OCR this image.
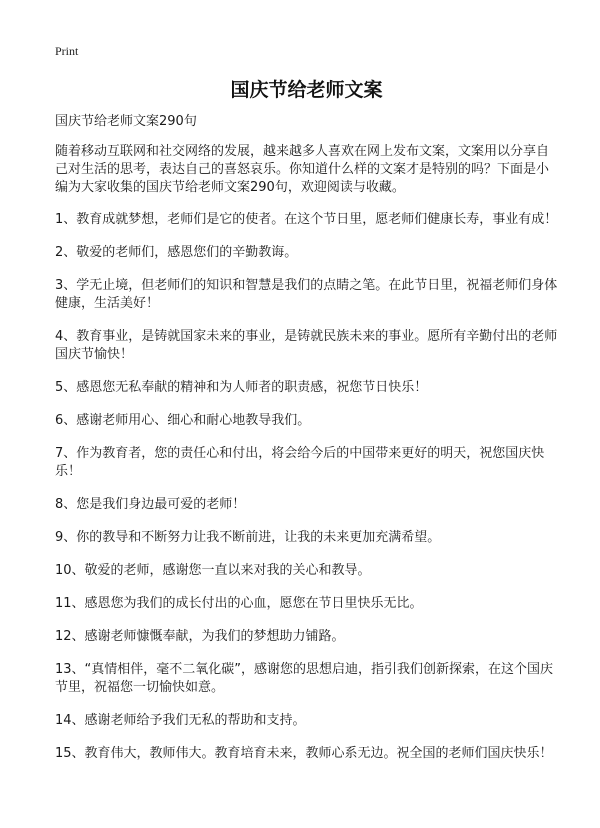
Print
国庆节给老师文案
国庆节给老师文案290句
随着移动互联网和社交网络的发展，越来越多人喜欢在网上发布文案，文案用以分享自己对生活的思考，表达自己的喜怒哀乐。你知道什么样的文案才是特别的吗？下面是小编为大家收集的国庆节给老师文案290句，欢迎阅读与收藏。
1、教育成就梦想，老师们是它的使者。在这个节日里，愿老师们健康长寿，事业有成！
2、敬爱的老师们，感恩您们的辛勤教诲。
3、学无止境，但老师们的知识和智慧是我们的点睛之笔。在此节日里，祝福老师们身体健康，生活美好！
4、教育事业，是铸就国家未来的事业，是铸就民族未来的事业。愿所有辛勤付出的老师国庆节愉快！
5、感恩您无私奉献的精神和为人师者的职责感，祝您节日快乐！
6、感谢老师用心、细心和耐心地教导我们。
7、作为教育者，您的责任心和付出，将会给今后的中国带来更好的明天，祝您国庆快乐！
8、您是我们身边最可爱的老师！
9、你的教导和不断努力让我不断前进，让我的未来更加充满希望。
10、敬爱的老师，感谢您一直以来对我的关心和教导。
11、感恩您为我们的成长付出的心血，愿您在节日里快乐无比。
12、感谢老师慷慨奉献，为我们的梦想助力铺路。
13、“真情相伴，毫不二氧化碳”，感谢您的思想启迪，指引我们创新探索，在这个国庆节里，祝福您一切愉快如意。
14、感谢老师给予我们无私的帮助和支持。
15、教育伟大，教师伟大。教育培育未来，教师心系无边。祝全国的老师们国庆快乐！
